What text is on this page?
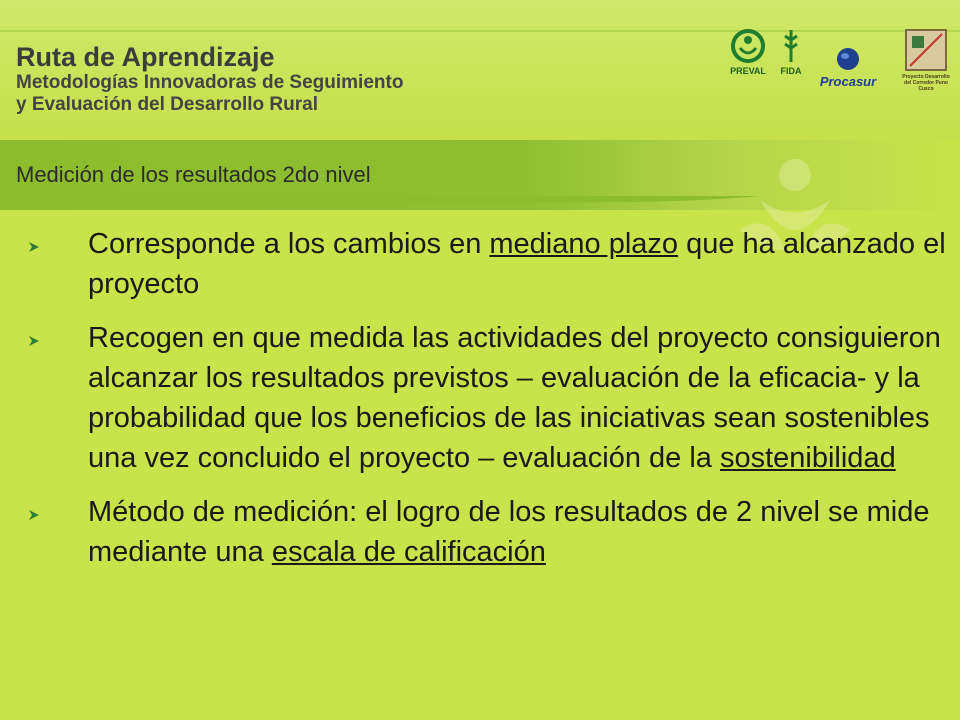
Ruta de Aprendizaje
Metodologías Innovadoras de Seguimiento
y Evaluación del Desarrollo Rural
PREVAL	FIDA
Procasur	Proyecto Desarrollo del Corredor Puno Cusco
Medición de los resultados 2do nivel
Corresponde a los cambios en mediano plazo que ha alcanzado el proyecto
Recogen en que medida las actividades del proyecto consiguieron alcanzar los resultados previstos – evaluación de la eficacia- y la probabilidad que los beneficios de las iniciativas sean sostenibles una vez concluido el proyecto – evaluación de la sostenibilidad
Método de medición: el logro de los resultados de 2 nivel se mide mediante una escala de calificación
